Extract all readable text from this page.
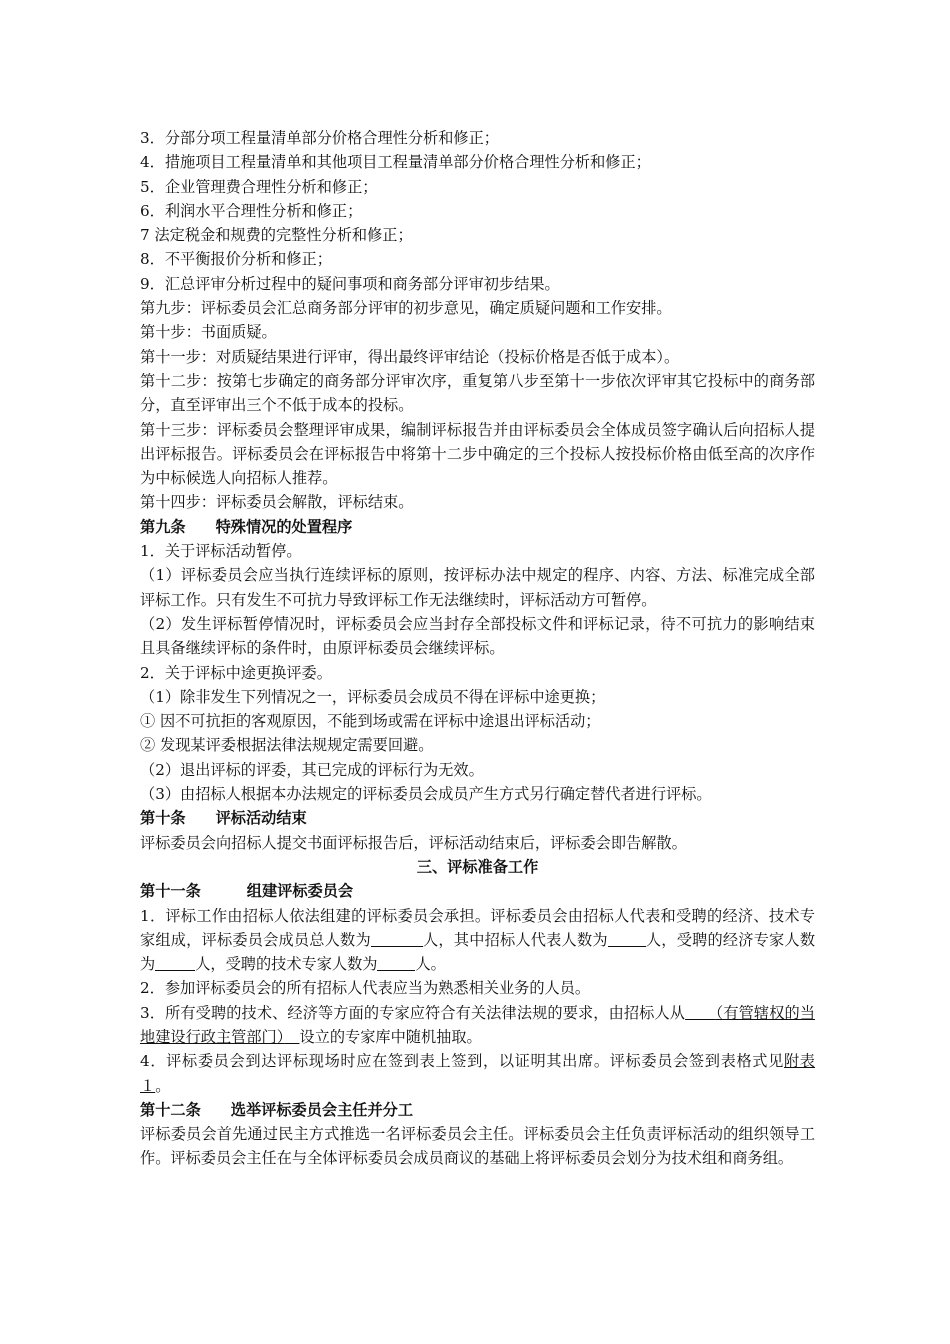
3．分部分项工程量清单部分价格合理性分析和修正；
4．措施项目工程量清单和其他项目工程量清单部分价格合理性分析和修正；
5．企业管理费合理性分析和修正；
6．利润水平合理性分析和修正；
7 法定税金和规费的完整性分析和修正；
8．不平衡报价分析和修正；
9．汇总评审分析过程中的疑问事项和商务部分评审初步结果。
第九步：评标委员会汇总商务部分评审的初步意见，确定质疑问题和工作安排。
第十步：书面质疑。
第十一步：对质疑结果进行评审，得出最终评审结论（投标价格是否低于成本）。
第十二步：按第七步确定的商务部分评审次序，重复第八步至第十一步依次评审其它投标中的商务部分，直至评审出三个不低于成本的投标。
第十三步：评标委员会整理评审成果，编制评标报告并由评标委员会全体成员签字确认后向招标人提出评标报告。评标委员会在评标报告中将第十二步中确定的三个投标人按投标价格由低至高的次序作为中标候选人向招标人推荐。
第十四步：评标委员会解散，评标结束。
第九条 特殊情况的处置程序
1．关于评标活动暂停。
（1）评标委员会应当执行连续评标的原则，按评标办法中规定的程序、内容、方法、标准完成全部评标工作。只有发生不可抗力导致评标工作无法继续时，评标活动方可暂停。
（2）发生评标暂停情况时，评标委员会应当封存全部投标文件和评标记录，待不可抗力的影响结束且具备继续评标的条件时，由原评标委员会继续评标。
2．关于评标中途更换评委。
（1）除非发生下列情况之一，评标委员会成员不得在评标中途更换；
① 因不可抗拒的客观原因，不能到场或需在评标中途退出评标活动；
② 发现某评委根据法律法规规定需要回避。
（2）退出评标的评委，其已完成的评标行为无效。
（3）由招标人根据本办法规定的评标委员会成员产生方式另行确定替代者进行评标。
第十条 评标活动结束
评标委员会向招标人提交书面评标报告后，评标活动结束后，评标委会即告解散。
三、评标准备工作
第十一条	组建评标委员会
1．评标工作由招标人依法组建的评标委员会承担。评标委员会由招标人代表和受聘的经济、技术专家组成，评标委员会成员总人数为	人，其中招标人代表人数为	人，受聘的经济专家人数为	人，受聘的技术专家人数为	人。
2．参加评标委员会的所有招标人代表应当为熟悉相关业务的人员。
3．所有受聘的技术、经济等方面的专家应符合有关法律法规的要求，由招标人从　　 （有管辖权的当地建设行政主管部门）　 设立的专家库中随机抽取。
4．评标委员会到达评标现场时应在签到表上签到，以证明其出席。评标委员会签到表格式见附表１。
第十二条 选举评标委员会主任并分工
评标委员会首先通过民主方式推选一名评标委员会主任。评标委员会主任负责评标活动的组织领导工作。评标委员会主任在与全体评标委员会成员商议的基础上将评标委员会划分为技术组和商务组。
